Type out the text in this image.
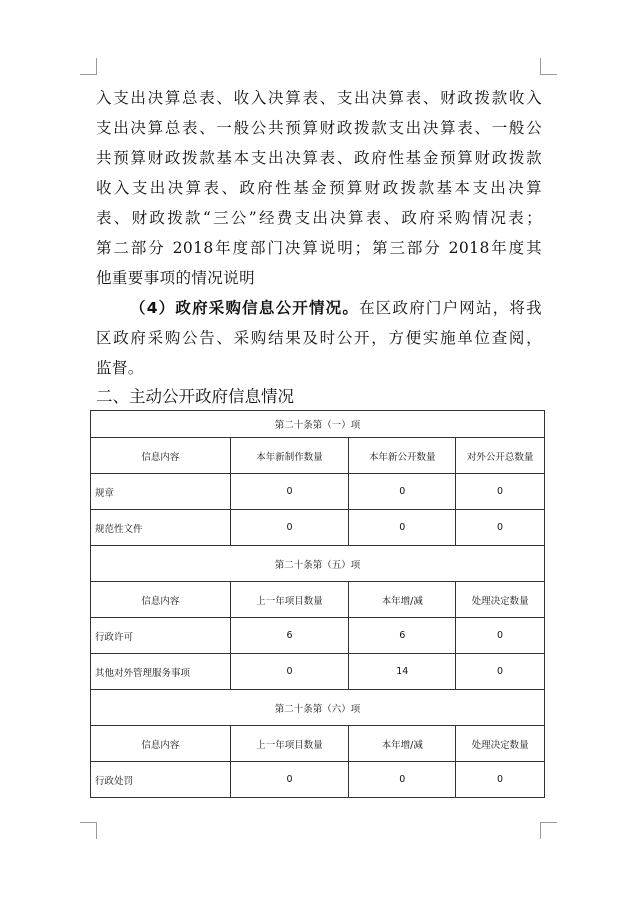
入支出决算总表、收入决算表、支出决算表、财政拨款收入
支出决算总表、一般公共预算财政拨款支出决算表、一般公
共预算财政拨款基本支出决算表、政府性基金预算财政拨款
收入支出决算表、政府性基金预算财政拨款基本支出决算
表、财政拨款“三公”经费支出决算表、政府采购情况表；
第二部分 2018年度部门决算说明；第三部分 2018年度其
他重要事项的情况说明
（4）政府采购信息公开情况。在区政府门户网站，将我
区政府采购公告、采购结果及时公开，方便实施单位查阅，
监督。
二、主动公开政府信息情况
第二十条第（一）项			
信息内容	本年新制作数量	本年新公开数量	对外公开总数量
规章	0	0	0
规范性文件	0	0	0
第二十条第（五）项			
信息内容	上一年项目数量	本年增/减	处理决定数量
行政许可	6	6	0
其他对外管理服务事项	0	14	0
第二十条第（六）项			
信息内容	上一年项目数量	本年增/减	处理决定数量
行政处罚	0	0	0
